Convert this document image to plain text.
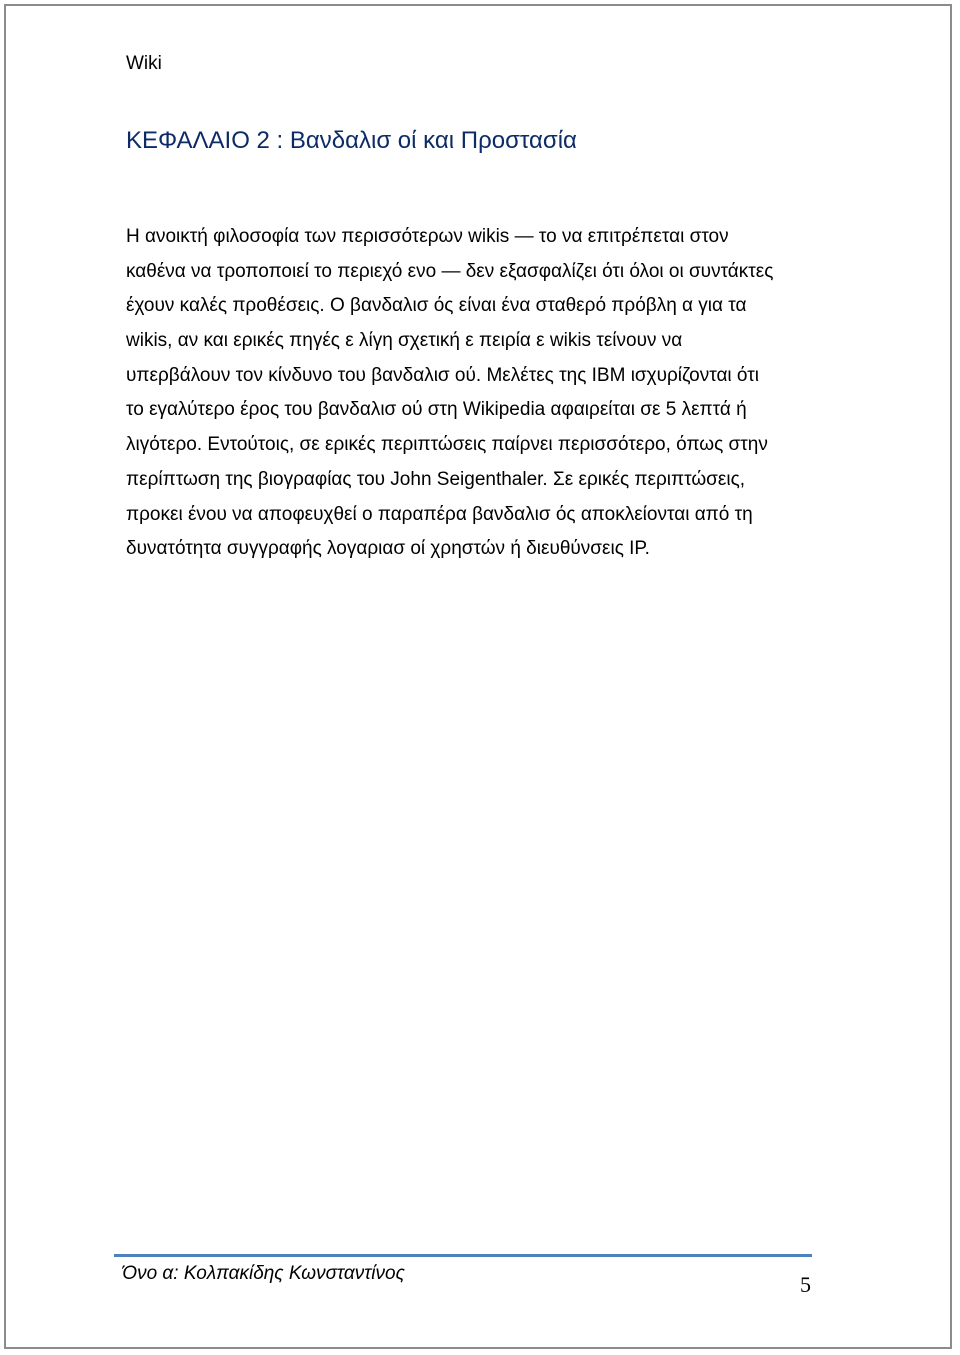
Wiki
ΚΕΦΑΛΑΙΟ 2 : Βανδαλισ οί και Προστασία

Η ανοικτή φιλοσοφία των περισσότερων wikis — το να επιτρέπεται στον
καθένα να τροποποιεί το περιεχό ενο — δεν εξασφαλίζει ότι όλοι οι συντάκτες
έχουν καλές προθέσεις. Ο βανδαλισ ός είναι ένα σταθερό πρόβλη α για τα
wikis, αν και ερικές πηγές ε λίγη σχετική ε πειρία ε wikis τείνουν να
υπερβάλουν τον κίνδυνο του βανδαλισ ού. Μελέτες της IBM ισχυρίζονται ότι
το εγαλύτερο έρος του βανδαλισ ού στη Wikipedia αφαιρείται σε 5 λεπτά ή
λιγότερο. Εντούτοις, σε ερικές περιπτώσεις παίρνει περισσότερο, όπως στην
περίπτωση της βιογραφίας του John Seigenthaler. Σε ερικές περιπτώσεις,
προκει ένου να αποφευχθεί ο παραπέρα βανδαλισ ός αποκλείονται από τη
δυνατότητα συγγραφής λογαριασ οί χρηστών ή διευθύνσεις IP.

Όνο α: Κολπακίδης Κωνσταντίνος	5
